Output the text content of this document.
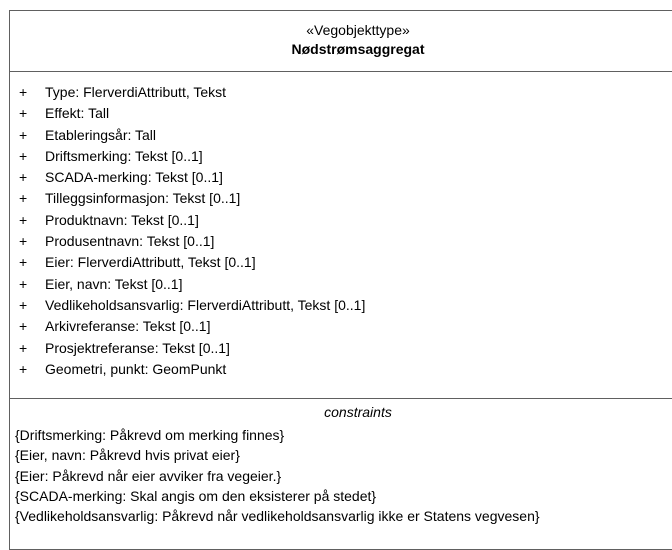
«Vegobjekttype»
Nødstrømsaggregat
+ Type: FlerverdiAttributt, Tekst
+ Effekt: Tall
+ Etableringsår: Tall
+ Driftsmerking: Tekst [0..1]
+ SCADA-merking: Tekst [0..1]
+ Tilleggsinformasjon: Tekst [0..1]
+ Produktnavn: Tekst [0..1]
+ Produsentnavn: Tekst [0..1]
+ Eier: FlerverdiAttributt, Tekst [0..1]
+ Eier, navn: Tekst [0..1]
+ Vedlikeholdsansvarlig: FlerverdiAttributt, Tekst [0..1]
+ Arkivreferanse: Tekst [0..1]
+ Prosjektreferanse: Tekst [0..1]
+ Geometri, punkt: GeomPunkt
constraints
{Driftsmerking: Påkrevd om merking finnes}
{Eier, navn: Påkrevd hvis privat eier}
{Eier: Påkrevd når eier avviker fra vegeier.}
{SCADA-merking: Skal angis om den eksisterer på stedet}
{Vedlikeholdsansvarlig: Påkrevd når vedlikeholdsansvarlig ikke er Statens vegvesen}
